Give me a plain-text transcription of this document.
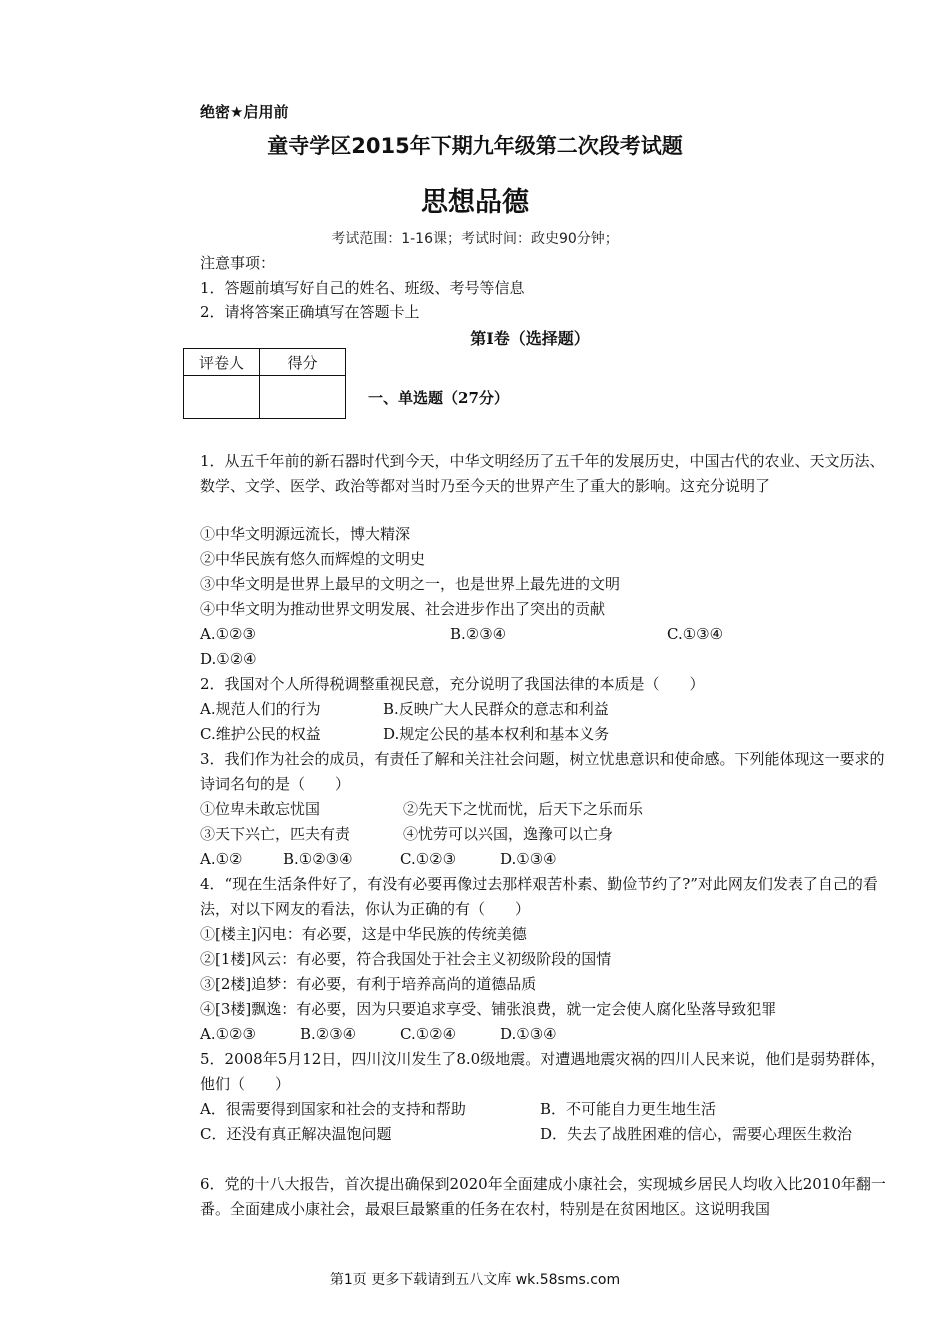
绝密★启用前
童寺学区2015年下期九年级第二次段考试题
思想品德
考试范围：1-16课；考试时间：政史90分钟；
注意事项：
1．答题前填写好自己的姓名、班级、考号等信息
2．请将答案正确填写在答题卡上
第Ⅰ卷（选择题）
评卷人	得分

一、单选题（27分）
1．从五千年前的新石器时代到今天，中华文明经历了五千年的发展历史，中国古代的农业、天文历法、数学、文学、医学、政治等都对当时乃至今天的世界产生了重大的影响。这充分说明了
①中华文明源远流长，博大精深
②中华民族有悠久而辉煌的文明史
③中华文明是世界上最早的文明之一，也是世界上最先进的文明
④中华文明为推动世界文明发展、社会进步作出了突出的贡献
A.①②③	B.②③④	C.①③④
D.①②④
2．我国对个人所得税调整重视民意，充分说明了我国法律的本质是（　　）
A.规范人们的行为	B.反映广大人民群众的意志和利益
C.维护公民的权益	D.规定公民的基本权利和基本义务
3．我们作为社会的成员，有责任了解和关注社会问题，树立忧患意识和使命感。下列能体现这一要求的诗词名句的是（　　）
①位卑未敢忘忧国	②先天下之忧而忧，后天下之乐而乐
③天下兴亡，匹夫有责	④忧劳可以兴国，逸豫可以亡身
A.①②	B.①②③④	C.①②③	D.①③④
4．“现在生活条件好了，有没有必要再像过去那样艰苦朴素、勤俭节约了?”对此网友们发表了自己的看法，对以下网友的看法，你认为正确的有（　　）
①[楼主]闪电：有必要，这是中华民族的传统美德
②[1楼]风云：有必要，符合我国处于社会主义初级阶段的国情
③[2楼]追梦：有必要，有利于培养高尚的道德品质
④[3楼]飘逸：有必要，因为只要追求享受、铺张浪费，就一定会使人腐化坠落导致犯罪
A.①②③	B.②③④	C.①②④	D.①③④
5．2008年5月12日，四川汶川发生了8.0级地震。对遭遇地震灾祸的四川人民来说，他们是弱势群体，他们（　　）
A．很需要得到国家和社会的支持和帮助	B．不可能自力更生地生活
C．还没有真正解决温饱问题	D．失去了战胜困难的信心，需要心理医生救治
6．党的十八大报告，首次提出确保到2020年全面建成小康社会，实现城乡居民人均收入比2010年翻一番。全面建成小康社会，最艰巨最繁重的任务在农村，特别是在贫困地区。这说明我国
第1页 更多下载请到五八文库 wk.58sms.com
